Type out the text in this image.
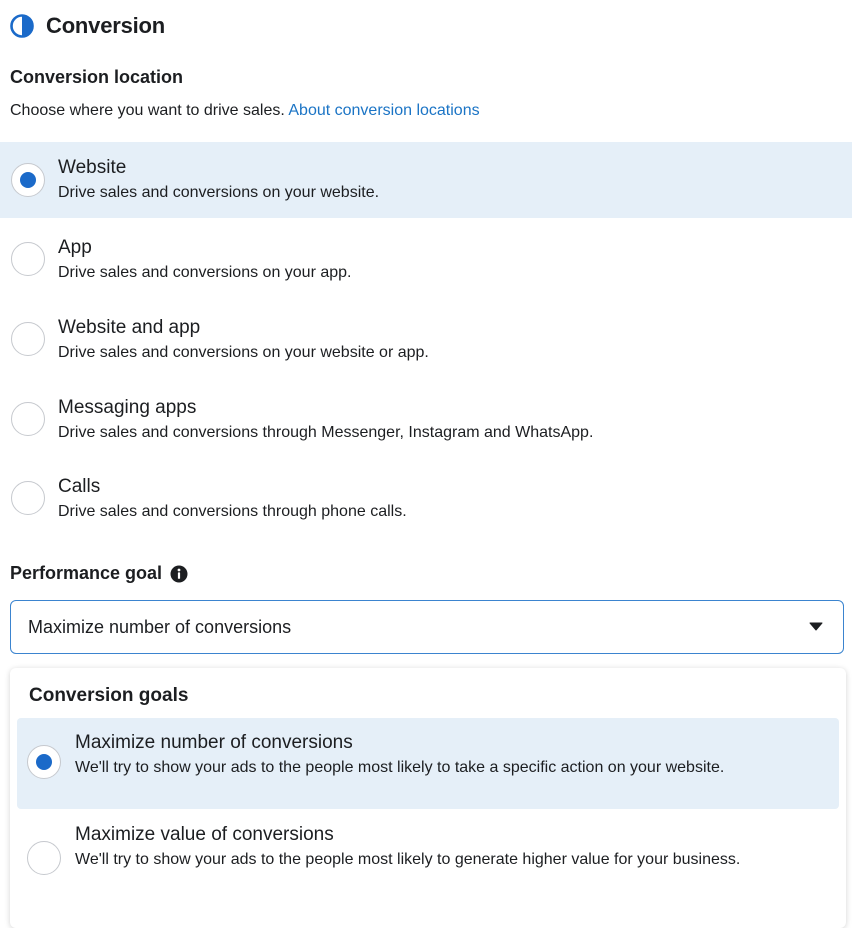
Conversion
Conversion location
Choose where you want to drive sales. About conversion locations
Website
Drive sales and conversions on your website.
App
Drive sales and conversions on your app.
Website and app
Drive sales and conversions on your website or app.
Messaging apps
Drive sales and conversions through Messenger, Instagram and WhatsApp.
Calls
Drive sales and conversions through phone calls.
Performance goal
Maximize number of conversions
Conversion goals
Maximize number of conversions
We'll try to show your ads to the people most likely to take a specific action on your website.
Maximize value of conversions
We'll try to show your ads to the people most likely to generate higher value for your business.
